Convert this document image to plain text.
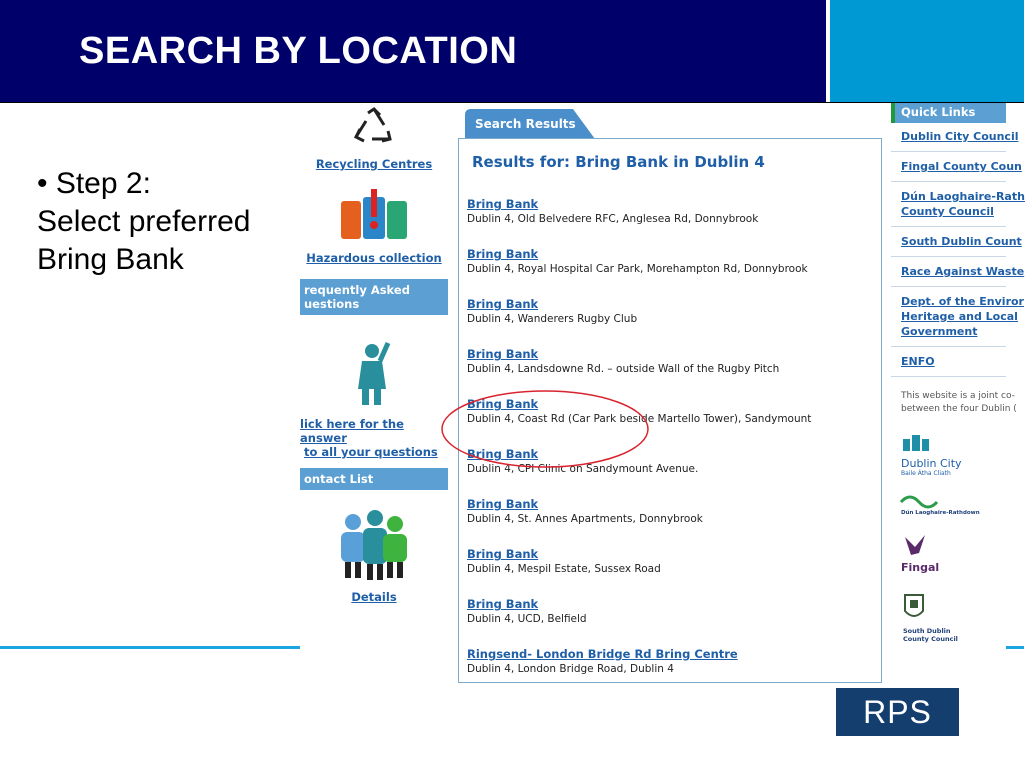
SEARCH BY LOCATION
• Step 2:
Select preferred
Bring Bank
Recycling Centres
Hazardous collection
requently Asked
uestions
lick here for the answer
to all your questions
ontact List
Details
Search Results
Results for: Bring Bank in Dublin 4
Bring Bank
Dublin 4, Old Belvedere RFC, Anglesea Rd, Donnybrook
Bring Bank
Dublin 4, Royal Hospital Car Park, Morehampton Rd, Donnybrook
Bring Bank
Dublin 4, Wanderers Rugby Club
Bring Bank
Dublin 4, Landsdowne Rd. – outside Wall of the Rugby Pitch
Bring Bank
Dublin 4, Coast Rd (Car Park beside Martello Tower), Sandymount
Bring Bank
Dublin 4, CPI Clinic on Sandymount Avenue.
Bring Bank
Dublin 4, St. Annes Apartments, Donnybrook
Bring Bank
Dublin 4, Mespil Estate, Sussex Road
Bring Bank
Dublin 4, UCD, Belfield
Ringsend- London Bridge Rd Bring Centre
Dublin 4, London Bridge Road, Dublin 4
Quick Links
Dublin City Council
Fingal County Coun
Dún Laoghaire-Rath
County Council
South Dublin Count
Race Against Waste
Dept. of the Enviror
Heritage and Local
Government
ENFO
This website is a joint co-
between the four Dublin (
Dublin City
Baile Átha Cliath
Dún Laoghaire-Rathdown
Fingal
South Dublin
County Council
RPS
